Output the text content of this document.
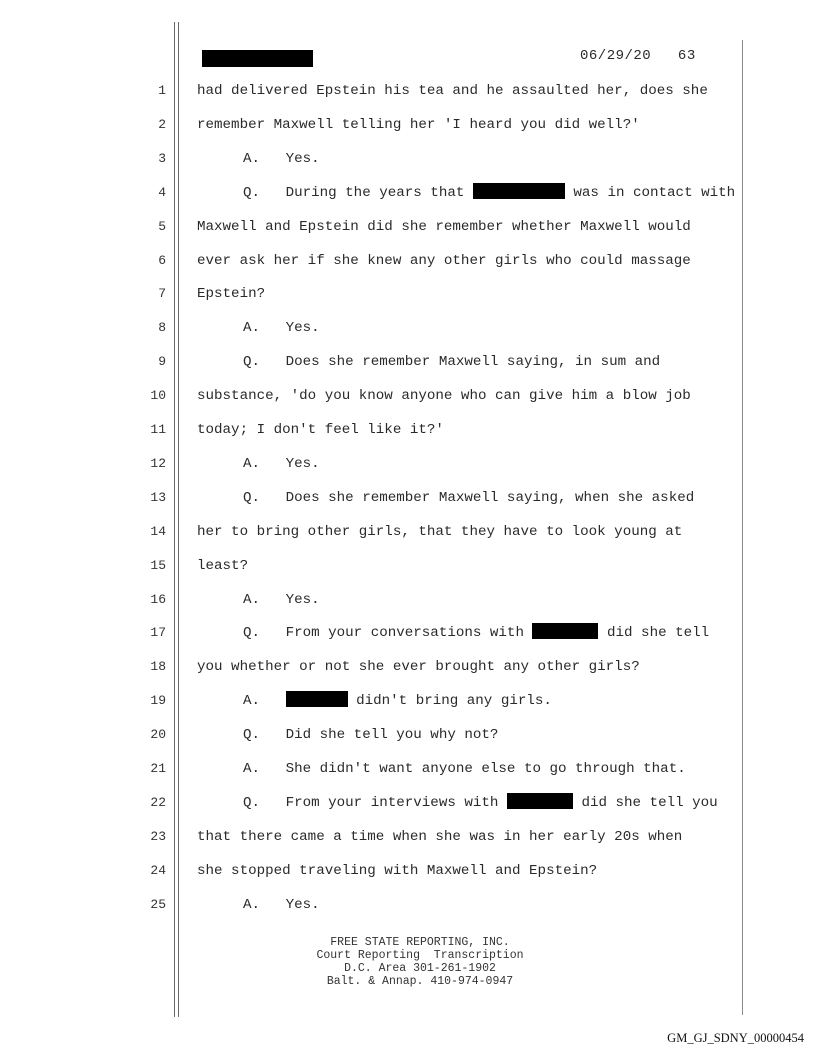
06/29/20   63
1 had delivered Epstein his tea and he assaulted her, does she
2 remember Maxwell telling her 'I heard you did well?'
3	A.   Yes.
4	Q.   During the years that	was in contact with
5 Maxwell and Epstein did she remember whether Maxwell would
6 ever ask her if she knew any other girls who could massage
7 Epstein?
8	A.   Yes.
9	Q.   Does she remember Maxwell saying, in sum and
10 substance, 'do you know anyone who can give him a blow job
11 today; I don't feel like it?'
12	A.   Yes.
13	Q.   Does she remember Maxwell saying, when she asked
14 her to bring other girls, that they have to look young at
15 least?
16	A.   Yes.
17	Q.   From your conversations with	did she tell
18 you whether or not she ever brought any other girls?
19	A.	didn't bring any girls.
20	Q.   Did she tell you why not?
21	A.   She didn't want anyone else to go through that.
22	Q.   From your interviews with	did she tell you
23 that there came a time when she was in her early 20s when
24 she stopped traveling with Maxwell and Epstein?
25	A.   Yes.
FREE STATE REPORTING, INC.
Court Reporting  Transcription
D.C. Area 301-261-1902
Balt. & Annap. 410-974-0947
GM_GJ_SDNY_00000454
